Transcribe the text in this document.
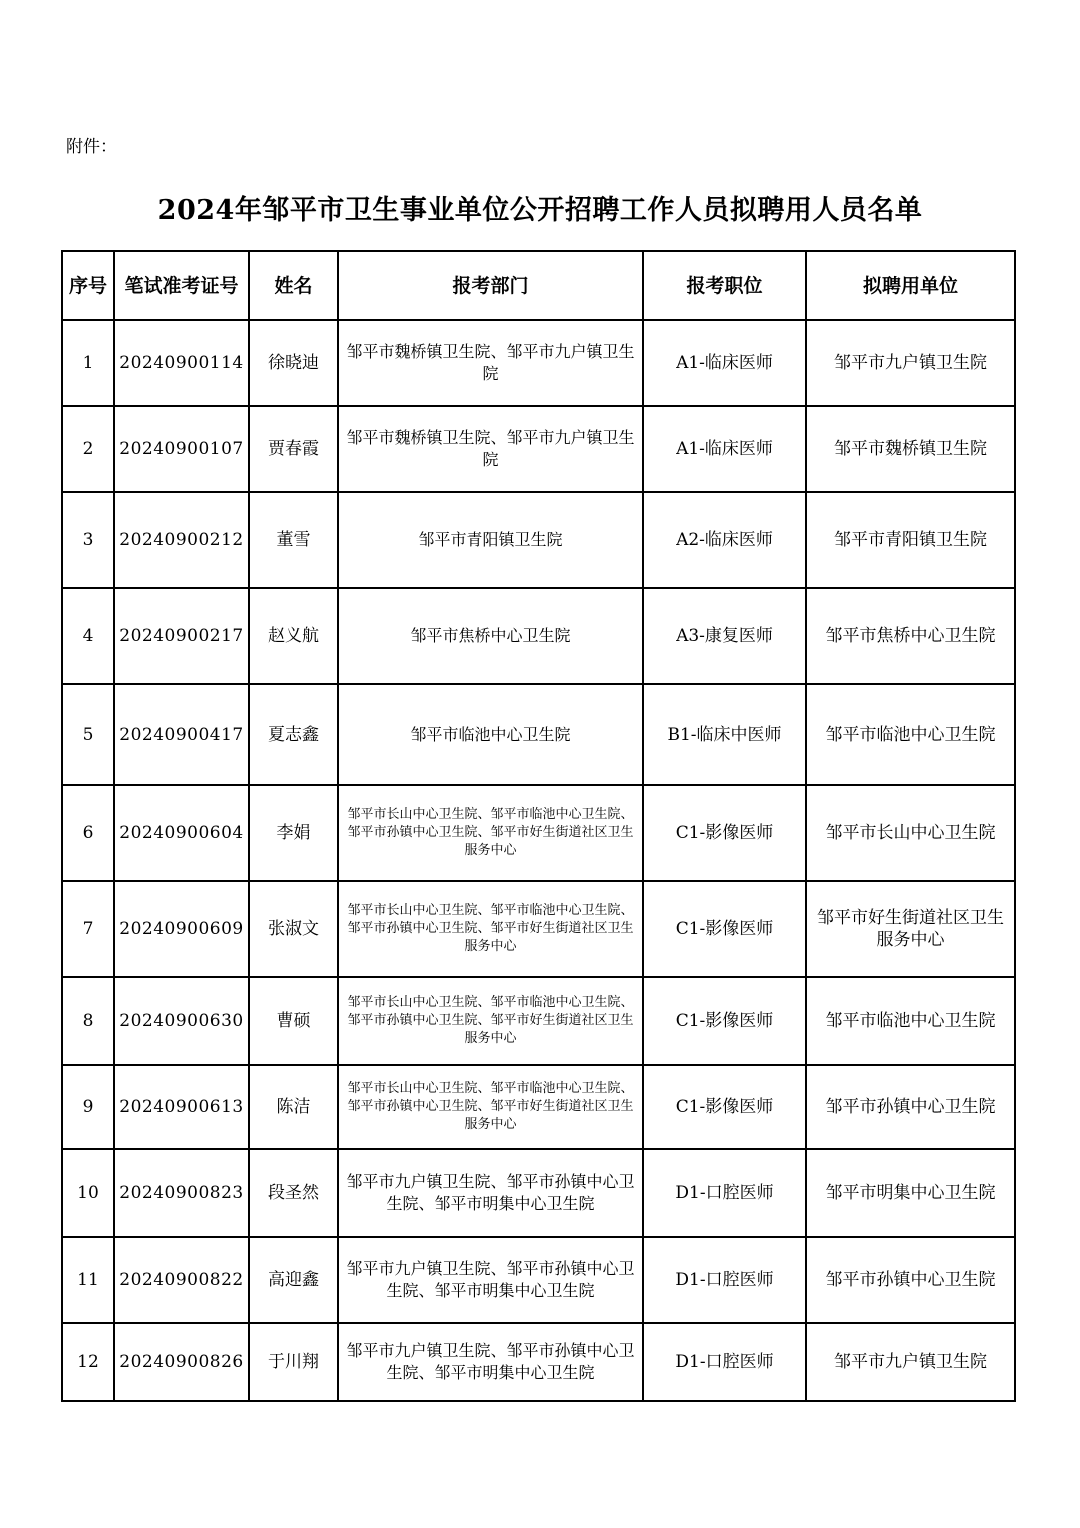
附件：
2024年邹平市卫生事业单位公开招聘工作人员拟聘用人员名单
序号	笔试准考证号	姓名	报考部门	报考职位	拟聘用单位
1	20240900114	徐晓迪	邹平市魏桥镇卫生院、邹平市九户镇卫生院	A1-临床医师	邹平市九户镇卫生院
2	20240900107	贾春霞	邹平市魏桥镇卫生院、邹平市九户镇卫生院	A1-临床医师	邹平市魏桥镇卫生院
3	20240900212	董雪	邹平市青阳镇卫生院	A2-临床医师	邹平市青阳镇卫生院
4	20240900217	赵义航	邹平市焦桥中心卫生院	A3-康复医师	邹平市焦桥中心卫生院
5	20240900417	夏志鑫	邹平市临池中心卫生院	B1-临床中医师	邹平市临池中心卫生院
6	20240900604	李娟	邹平市长山中心卫生院、邹平市临池中心卫生院、邹平市孙镇中心卫生院、邹平市好生街道社区卫生服务中心	C1-影像医师	邹平市长山中心卫生院
7	20240900609	张淑文	邹平市长山中心卫生院、邹平市临池中心卫生院、邹平市孙镇中心卫生院、邹平市好生街道社区卫生服务中心	C1-影像医师	邹平市好生街道社区卫生服务中心
8	20240900630	曹硕	邹平市长山中心卫生院、邹平市临池中心卫生院、邹平市孙镇中心卫生院、邹平市好生街道社区卫生服务中心	C1-影像医师	邹平市临池中心卫生院
9	20240900613	陈洁	邹平市长山中心卫生院、邹平市临池中心卫生院、邹平市孙镇中心卫生院、邹平市好生街道社区卫生服务中心	C1-影像医师	邹平市孙镇中心卫生院
10	20240900823	段圣然	邹平市九户镇卫生院、邹平市孙镇中心卫生院、邹平市明集中心卫生院	D1-口腔医师	邹平市明集中心卫生院
11	20240900822	高迎鑫	邹平市九户镇卫生院、邹平市孙镇中心卫生院、邹平市明集中心卫生院	D1-口腔医师	邹平市孙镇中心卫生院
12	20240900826	于川翔	邹平市九户镇卫生院、邹平市孙镇中心卫生院、邹平市明集中心卫生院	D1-口腔医师	邹平市九户镇卫生院
